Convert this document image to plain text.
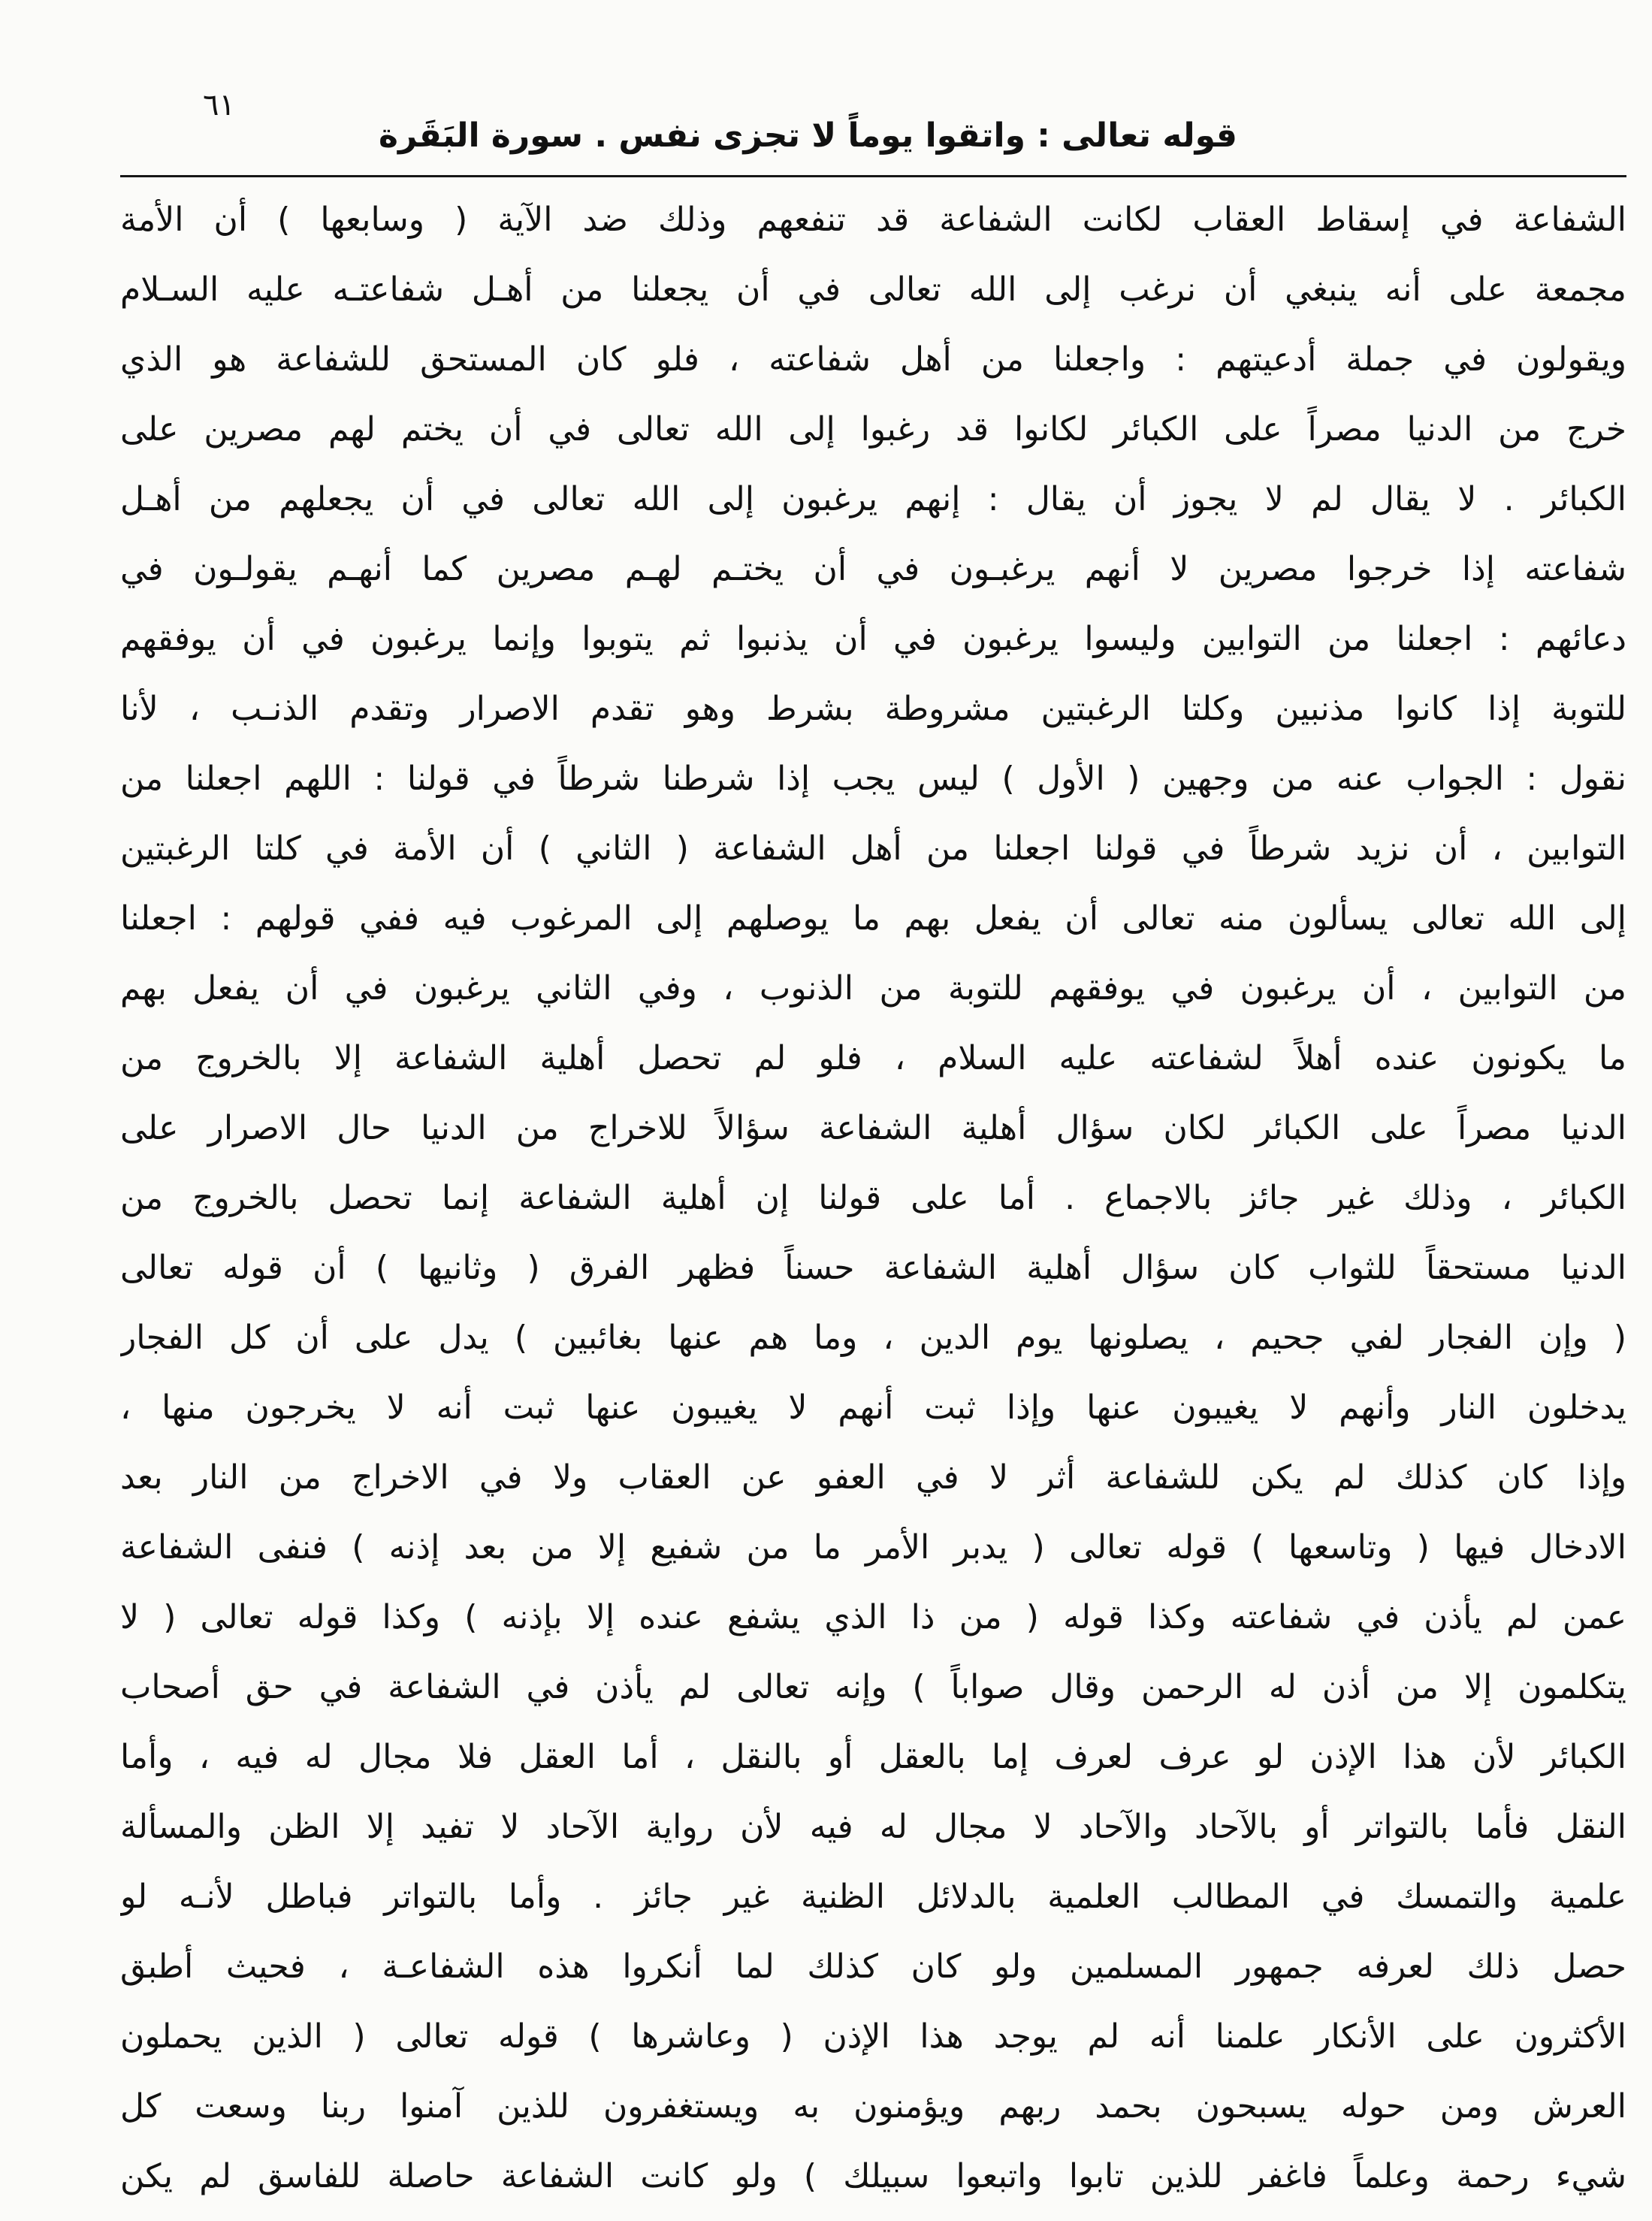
٦١
قوله تعالى : واتقوا يوماً لا تجزى نفس . سورة البَقَرة
الشفاعة في إسقاط العقاب لكانت الشفاعة قد تنفعهم وذلك ضد الآية ( وسابعها ) أن الأمة
مجمعة على أنه ينبغي أن نرغب إلى الله تعالى في أن يجعلنا من أهـل شفاعتـه عليه السـلام
ويقولون في جملة أدعيتهم : واجعلنا من أهل شفاعته ، فلو كان المستحق للشفاعة هو الذي
خرج من الدنيا مصراً على الكبائر لكانوا قد رغبوا إلى الله تعالى في أن يختم لهم مصرين على
الكبائر . لا يقال لم لا يجوز أن يقال : إنهم يرغبون إلى الله تعالى في أن يجعلهم من أهـل
شفاعته إذا خرجوا مصرين لا أنهم يرغبـون في أن يختـم لهـم مصرين كما أنهـم يقولـون في
دعائهم : اجعلنا من التوابين وليسوا يرغبون في أن يذنبوا ثم يتوبوا وإنما يرغبون في أن يوفقهم
للتوبة إذا كانوا مذنبين وكلتا الرغبتين مشروطة بشرط وهو تقدم الاصرار وتقدم الذنـب ، لأنا
نقول : الجواب عنه من وجهين ( الأول ) ليس يجب إذا شرطنا شرطاً في قولنا : اللهم اجعلنا من
التوابين ، أن نزيد شرطاً في قولنا اجعلنا من أهل الشفاعة ( الثاني ) أن الأمة في كلتا الرغبتين
إلى الله تعالى يسألون منه تعالى أن يفعل بهم ما يوصلهم إلى المرغوب فيه ففي قولهم : اجعلنا
من التوابين ، أن يرغبون في يوفقهم للتوبة من الذنوب ، وفي الثاني يرغبون في أن يفعل بهم
ما يكونون عنده أهلاً لشفاعته عليه السلام ، فلو لم تحصل أهلية الشفاعة إلا بالخروج من
الدنيا مصراً على الكبائر لكان سؤال أهلية الشفاعة سؤالاً للاخراج من الدنيا حال الاصرار على
الكبائر ، وذلك غير جائز بالاجماع . أما على قولنا إن أهلية الشفاعة إنما تحصل بالخروج من
الدنيا مستحقاً للثواب كان سؤال أهلية الشفاعة حسناً فظهر الفرق ( وثانيها ) أن قوله تعالى
( وإن الفجار لفي جحيم ، يصلونها يوم الدين ، وما هم عنها بغائبين ) يدل على أن كل الفجار
يدخلون النار وأنهم لا يغيبون عنها وإذا ثبت أنهم لا يغيبون عنها ثبت أنه لا يخرجون منها ،
وإذا كان كذلك لم يكن للشفاعة أثر لا في العفو عن العقاب ولا في الاخراج من النار بعد
الادخال فيها ( وتاسعها ) قوله تعالى ( يدبر الأمر ما من شفيع إلا من بعد إذنه ) فنفى الشفاعة
عمن لم يأذن في شفاعته وكذا قوله ( من ذا الذي يشفع عنده إلا بإذنه ) وكذا قوله تعالى ( لا
يتكلمون إلا من أذن له الرحمن وقال صواباً ) وإنه تعالى لم يأذن في الشفاعة في حق أصحاب
الكبائر لأن هذا الإذن لو عرف لعرف إما بالعقل أو بالنقل ، أما العقل فلا مجال له فيه ، وأما
النقل فأما بالتواتر أو بالآحاد والآحاد لا مجال له فيه لأن رواية الآحاد لا تفيد إلا الظن والمسألة
علمية والتمسك في المطالب العلمية بالدلائل الظنية غير جائز . وأما بالتواتر فباطل لأنـه لو
حصل ذلك لعرفه جمهور المسلمين ولو كان كذلك لما أنكروا هذه الشفاعـة ، فحيث أطبق
الأكثرون على الأنكار علمنا أنه لم يوجد هذا الإذن ( وعاشرها ) قوله تعالى ( الذين يحملون
العرش ومن حوله يسبحون بحمد ربهم ويؤمنون به ويستغفرون للذين آمنوا ربنا وسعت كل
شيء رحمة وعلماً فاغفر للذين تابوا واتبعوا سبيلك ) ولو كانت الشفاعة حاصلة للفاسق لم يكن
